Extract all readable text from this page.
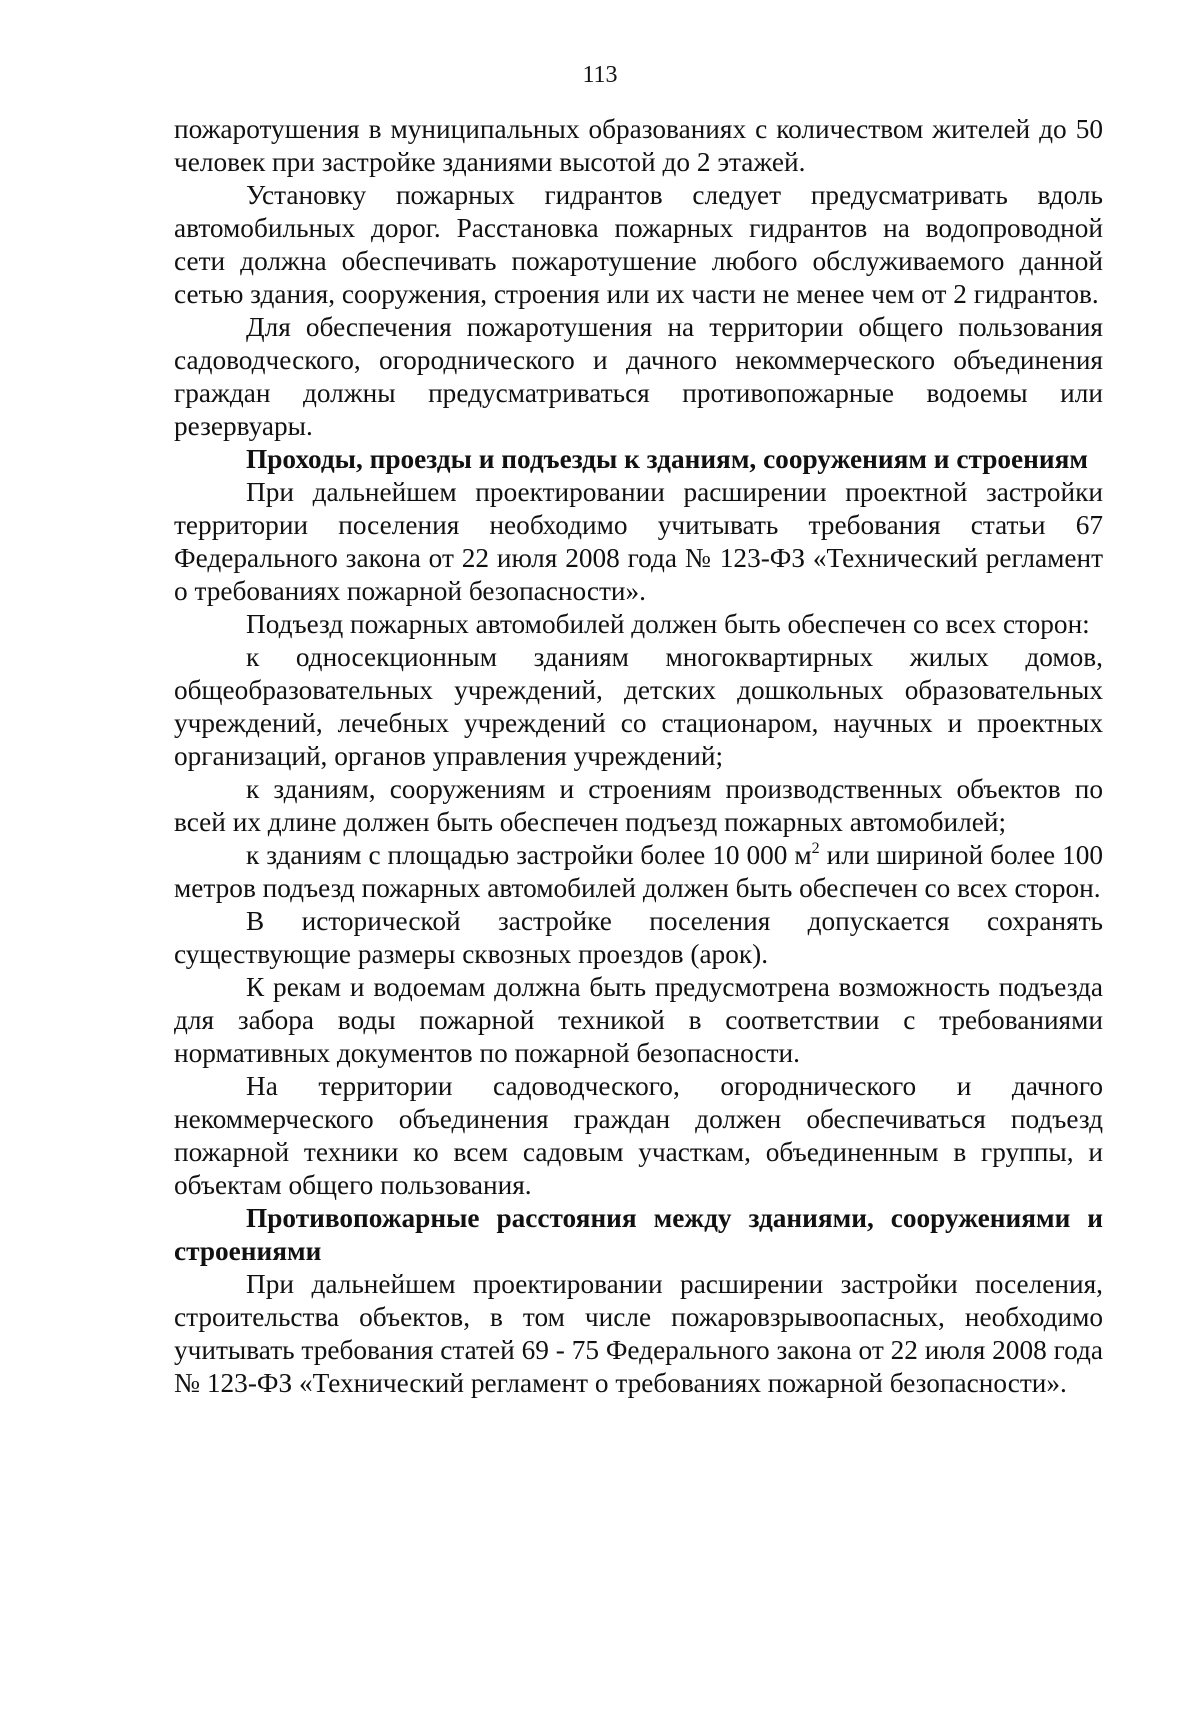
113

пожаротушения в муниципальных образованиях с количеством жителей до 50 человек при застройке зданиями высотой до 2 этажей.

Установку пожарных гидрантов следует предусматривать вдоль автомобильных дорог. Расстановка пожарных гидрантов на водопроводной сети должна обеспечивать пожаротушение любого обслуживаемого данной сетью здания, сооружения, строения или их части не менее чем от 2 гидрантов.

Для обеспечения пожаротушения на территории общего пользования садоводческого, огороднического и дачного некоммерческого объединения граждан должны предусматриваться противопожарные водоемы или резервуары.

Проходы, проезды и подъезды к зданиям, сооружениям и строениям

При дальнейшем проектировании расширении проектной застройки территории поселения необходимо учитывать требования статьи 67 Федерального закона от 22 июля 2008 года № 123-ФЗ «Технический регламент о требованиях пожарной безопасности».

Подъезд пожарных автомобилей должен быть обеспечен со всех сторон:

к односекционным зданиям многоквартирных жилых домов, общеобразовательных учреждений, детских дошкольных образовательных учреждений, лечебных учреждений со стационаром, научных и проектных организаций, органов управления учреждений;

к зданиям, сооружениям и строениям производственных объектов по всей их длине должен быть обеспечен подъезд пожарных автомобилей;

к зданиям с площадью застройки более 10 000 $м^2$ или шириной более 100 метров подъезд пожарных автомобилей должен быть обеспечен со всех сторон.

В исторической застройке поселения допускается сохранять существующие размеры сквозных проездов (арок).

К рекам и водоемам должна быть предусмотрена возможность подъезда для забора воды пожарной техникой в соответствии с требованиями нормативных документов по пожарной безопасности.

На территории садоводческого, огороднического и дачного некоммерческого объединения граждан должен обеспечиваться подъезд пожарной техники ко всем садовым участкам, объединенным в группы, и объектам общего пользования.

Противопожарные расстояния между зданиями, сооружениями и строениями

При дальнейшем проектировании расширении застройки поселения, строительства объектов, в том числе пожаровзрывоопасных, необходимо учитывать требования статей 69 - 75 Федерального закона от 22 июля 2008 года № 123-ФЗ «Технический регламент о требованиях пожарной безопасности».
